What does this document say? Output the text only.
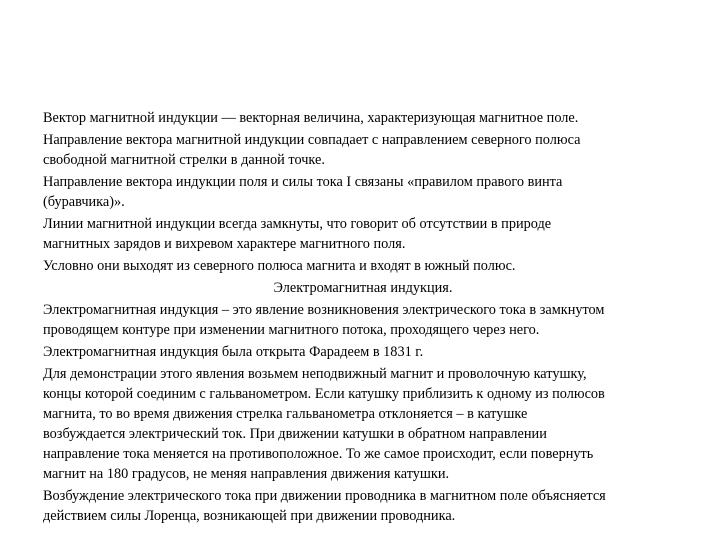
Вектор магнитной индукции — векторная величина, характеризующая магнитное поле.

Направление вектора магнитной индукции совпадает с направлением северного полюса
свободной магнитной стрелки в данной точке.

Направление вектора индукции поля и силы тока I связаны «правилом правого винта
(буравчика)».

Линии магнитной индукции всегда замкнуты, что говорит об отсутствии в природе
магнитных зарядов и вихревом характере магнитного поля.

Условно они выходят из северного полюса магнита и входят в южный полюс.

Электромагнитная индукция.

Электромагнитная индукция – это явление возникновения электрического тока в замкнутом
проводящем контуре при изменении магнитного потока, проходящего через него.

Электромагнитная индукция была открыта Фарадеем в 1831 г.

Для демонстрации этого явления возьмем неподвижный магнит и проволочную катушку,
концы которой соединим с гальванометром. Если катушку приблизить к одному из полюсов
магнита, то во время движения стрелка гальванометра отклоняется – в катушке
возбуждается электрический ток. При движении катушки в обратном направлении
направление тока меняется на противоположное. То же самое происходит, если повернуть
магнит на 180 градусов, не меняя направления движения катушки.

Возбуждение электрического тока при движении проводника в магнитном поле объясняется
действием силы Лоренца, возникающей при движении проводника.
